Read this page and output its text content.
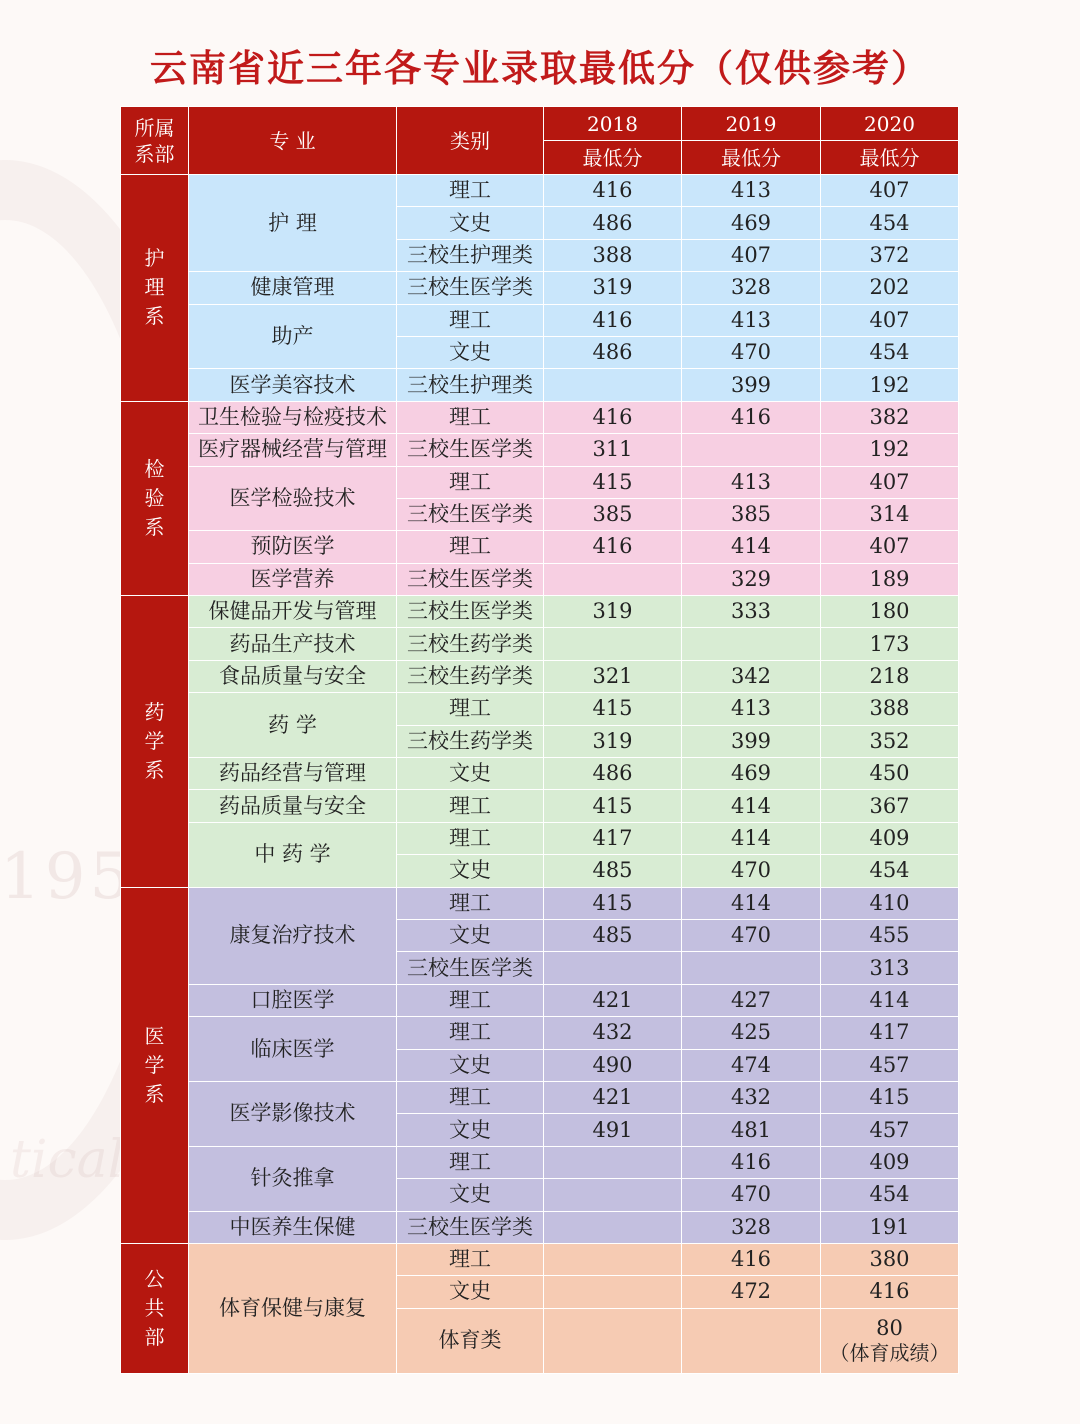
1950
tical
云南省近三年各专业录取最低分（仅供参考）
所属
系部	专 业	类别	2018	2019	2020
			最低分	最低分	最低分

护
理
系	护 理	理工	416	413	407
		文史	486	469	454
		三校生护理类	388	407	372
	健康管理	三校生医学类	319	328	202
	助产	理工	416	413	407
		文史	486	470	454
	医学美容技术	三校生护理类		399	192

检
验
系	卫生检验与检疫技术	理工	416	416	382
	医疗器械经营与管理	三校生医学类	311		192
	医学检验技术	理工	415	413	407
		三校生医学类	385	385	314
	预防医学	理工	416	414	407
	医学营养	三校生医学类		329	189

药
学
系	保健品开发与管理	三校生医学类	319	333	180
	药品生产技术	三校生药学类			173
	食品质量与安全	三校生药学类	321	342	218
	药 学	理工	415	413	388
		三校生药学类	319	399	352
	药品经营与管理	文史	486	469	450
	药品质量与安全	理工	415	414	367
	中 药 学	理工	417	414	409
		文史	485	470	454

医
学
系	康复治疗技术	理工	415	414	410
		文史	485	470	455
		三校生医学类			313
	口腔医学	理工	421	427	414
	临床医学	理工	432	425	417
		文史	490	474	457
	医学影像技术	理工	421	432	415
		文史	491	481	457
	针灸推拿	理工		416	409
		文史		470	454
	中医养生保健	三校生医学类		328	191

公
共
部	体育保健与康复	理工		416	380
		文史		472	416
		体育类			80
（体育成绩）
